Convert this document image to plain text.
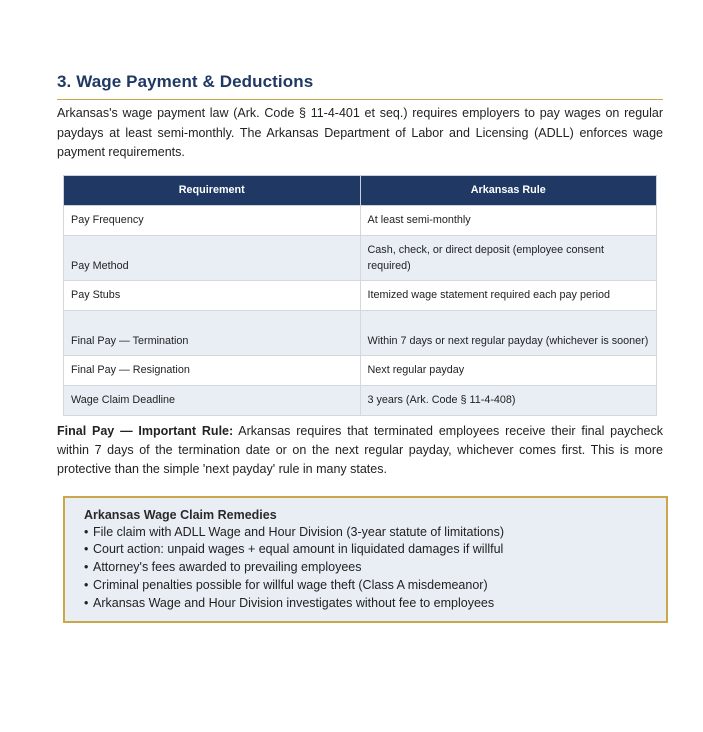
3. Wage Payment & Deductions

Arkansas's wage payment law (Ark. Code § 11-4-401 et seq.) requires employers to pay wages on regular paydays at least semi-monthly. The Arkansas Department of Labor and Licensing (ADLL) enforces wage payment requirements.

Requirement	Arkansas Rule

Pay Frequency	At least semi-monthly

Pay Method	Cash, check, or direct deposit (employee consent required)

Pay Stubs	Itemized wage statement required each pay period

Final Pay — Termination	Within 7 days or next regular payday (whichever is sooner)

Final Pay — Resignation	Next regular payday

Wage Claim Deadline	3 years (Ark. Code § 11-4-408)

Final Pay — Important Rule: Arkansas requires that terminated employees receive their final paycheck within 7 days of the termination date or on the next regular payday, whichever comes first. This is more protective than the simple 'next payday' rule in many states.

Arkansas Wage Claim Remedies
• File claim with ADLL Wage and Hour Division (3-year statute of limitations)
• Court action: unpaid wages + equal amount in liquidated damages if willful
• Attorney's fees awarded to prevailing employees
• Criminal penalties possible for willful wage theft (Class A misdemeanor)
• Arkansas Wage and Hour Division investigates without fee to employees
